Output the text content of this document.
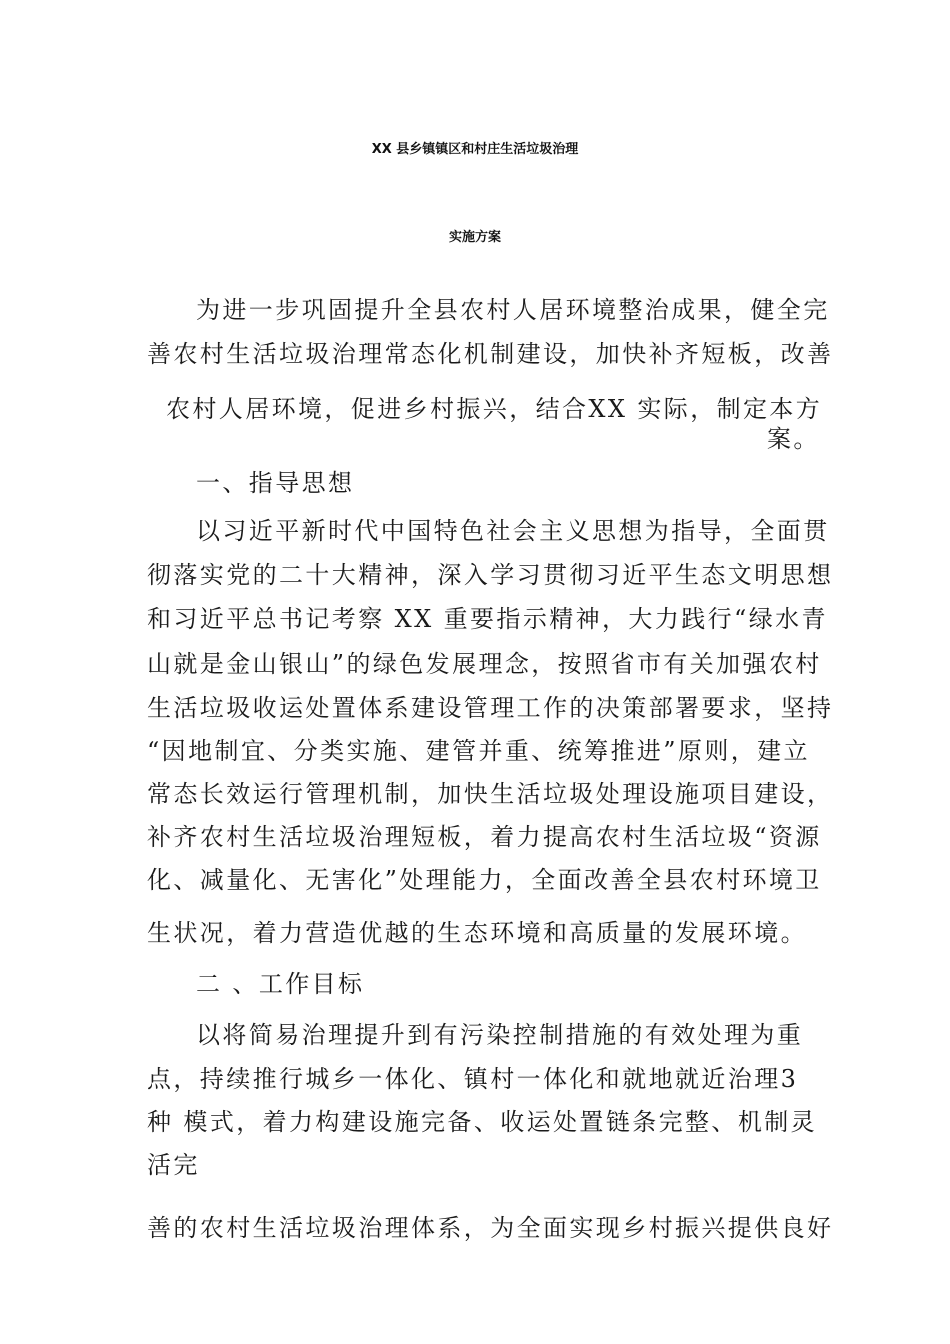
XX 县乡镇镇区和村庄生活垃圾治理
实施方案
为进一步巩固提升全县农村人居环境整治成果，健全完
善农村生活垃圾治理常态化机制建设，加快补齐短板，改善
农村人居环境，促进乡村振兴，结合XX 实际，制定本方
案。
一、指导思想
以习近平新时代中国特色社会主义思想为指导，全面贯
彻落实党的二十大精神，深入学习贯彻习近平生态文明思想
和习近平总书记考察 XX 重要指示精神，大力践行“绿水青
山就是金山银山”的绿色发展理念，按照省市有关加强农村
生活垃圾收运处置体系建设管理工作的决策部署要求，坚持
“因地制宜、分类实施、建管并重、统筹推进”原则，建立
常态长效运行管理机制，加快生活垃圾处理设施项目建设，
补齐农村生活垃圾治理短板，着力提高农村生活垃圾“资源
化、减量化、无害化”处理能力，全面改善全县农村环境卫
生状况，着力营造优越的生态环境和高质量的发展环境。
二 、工作目标
以将简易治理提升到有污染控制措施的有效处理为重
点，持续推行城乡一体化、镇村一体化和就地就近治理3
种 模式，着力构建设施完备、收运处置链条完整、机制灵
活完
善的农村生活垃圾治理体系，为全面实现乡村振兴提供良好
